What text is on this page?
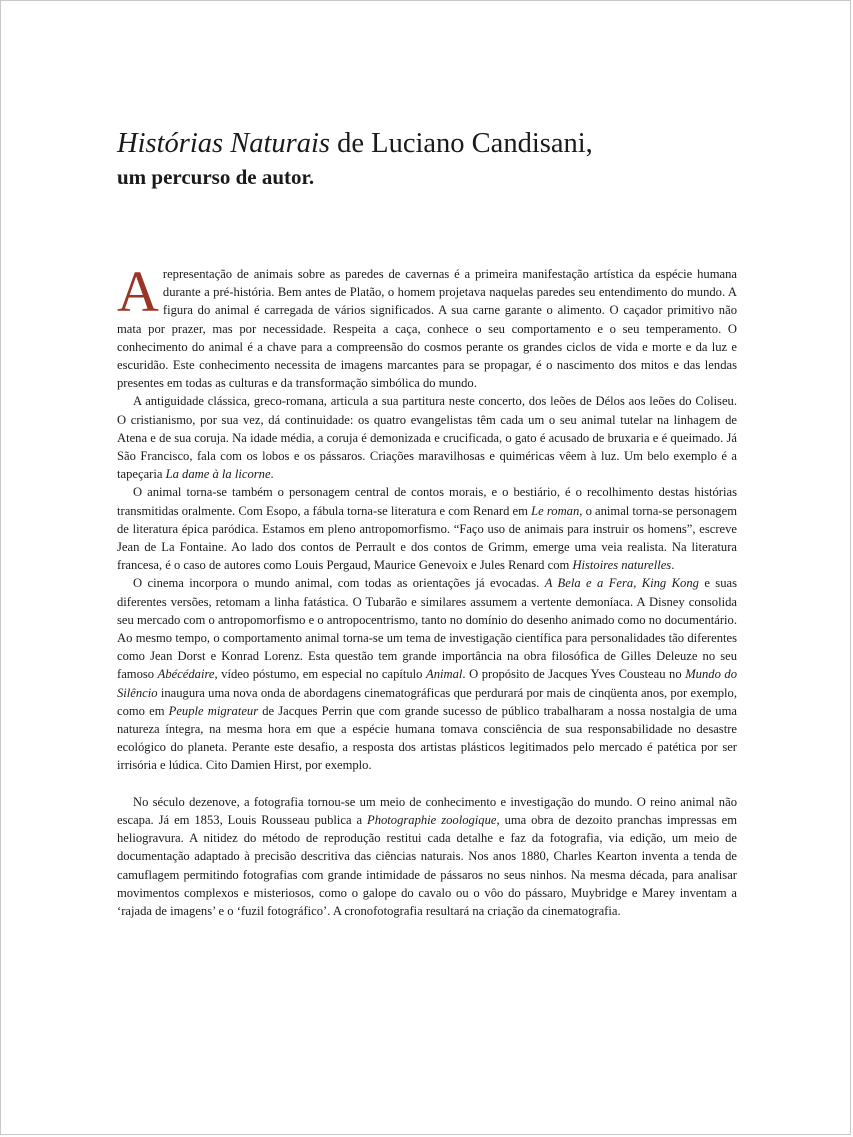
Histórias Naturais de Luciano Candisani,
um percurso de autor.

A representação de animais sobre as paredes de cavernas é a primeira manifestação artística da espécie humana durante a pré-história. Bem antes de Platão, o homem projetava naquelas paredes seu entendimento do mundo. A figura do animal é carregada de vários significados. A sua carne garante o alimento. O caçador primitivo não mata por prazer, mas por necessidade. Respeita a caça, conhece o seu comportamento e o seu temperamento. O conhecimento do animal é a chave para a compreensão do cosmos perante os grandes ciclos de vida e morte e da luz e escuridão. Este conhecimento necessita de imagens marcantes para se propagar, é o nascimento dos mitos e das lendas presentes em todas as culturas e da transformação simbólica do mundo.

A antiguidade clássica, greco-romana, articula a sua partitura neste concerto, dos leões de Délos aos leões do Coliseu. O cristianismo, por sua vez, dá continuidade: os quatro evangelistas têm cada um o seu animal tutelar na linhagem de Atena e de sua coruja. Na idade média, a coruja é demonizada e crucificada, o gato é acusado de bruxaria e é queimado. Já São Francisco, fala com os lobos e os pássaros. Criações maravilhosas e quiméricas vêem à luz. Um belo exemplo é a tapeçaria La dame à la licorne.

O animal torna-se também o personagem central de contos morais, e o bestiário, é o recolhimento destas histórias transmitidas oralmente. Com Esopo, a fábula torna-se literatura e com Renard em Le roman, o animal torna-se personagem de literatura épica paródica. Estamos em pleno antropomorfismo. “Faço uso de animais para instruir os homens”, escreve Jean de La Fontaine. Ao lado dos contos de Perrault e dos contos de Grimm, emerge uma veia realista. Na literatura francesa, é o caso de autores como Louis Pergaud, Maurice Genevoix e Jules Renard com Histoires naturelles.

O cinema incorpora o mundo animal, com todas as orientações já evocadas. A Bela e a Fera, King Kong e suas diferentes versões, retomam a linha fatástica. O Tubarão e similares assumem a vertente demoníaca. A Disney consolida seu mercado com o antropomorfismo e o antropocentrismo, tanto no domínio do desenho animado como no documentário. Ao mesmo tempo, o comportamento animal torna-se um tema de investigação científica para personalidades tão diferentes como Jean Dorst e Konrad Lorenz. Esta questão tem grande importância na obra filosófica de Gilles Deleuze no seu famoso Abécédaire, vídeo póstumo, em especial no capítulo Animal. O propósito de Jacques Yves Cousteau no Mundo do Silêncio inaugura uma nova onda de abordagens cinematográficas que perdurará por mais de cinqüenta anos, por exemplo, como em Peuple migrateur de Jacques Perrin que com grande sucesso de público trabalharam a nossa nostalgia de uma natureza íntegra, na mesma hora em que a espécie humana tomava consciência de sua responsabilidade no desastre ecológico do planeta. Perante este desafio, a resposta dos artistas plásticos legitimados pelo mercado é patética por ser irrisória e lúdica. Cito Damien Hirst, por exemplo.

No século dezenove, a fotografia tornou-se um meio de conhecimento e investigação do mundo. O reino animal não escapa. Já em 1853, Louis Rousseau publica a Photographie zoologique, uma obra de dezoito pranchas impressas em heliogravura. A nitidez do método de reprodução restitui cada detalhe e faz da fotografia, via edição, um meio de documentação adaptado à precisão descritiva das ciências naturais. Nos anos 1880, Charles Kearton inventa a tenda de camuflagem permitindo fotografias com grande intimidade de pássaros no seus ninhos. Na mesma década, para analisar movimentos complexos e misteriosos, como o galope do cavalo ou o vôo do pássaro, Muybridge e Marey inventam a ‘rajada de imagens’ e o ‘fuzil fotográfico’. A cronofotografia resultará na criação da cinematografia.
